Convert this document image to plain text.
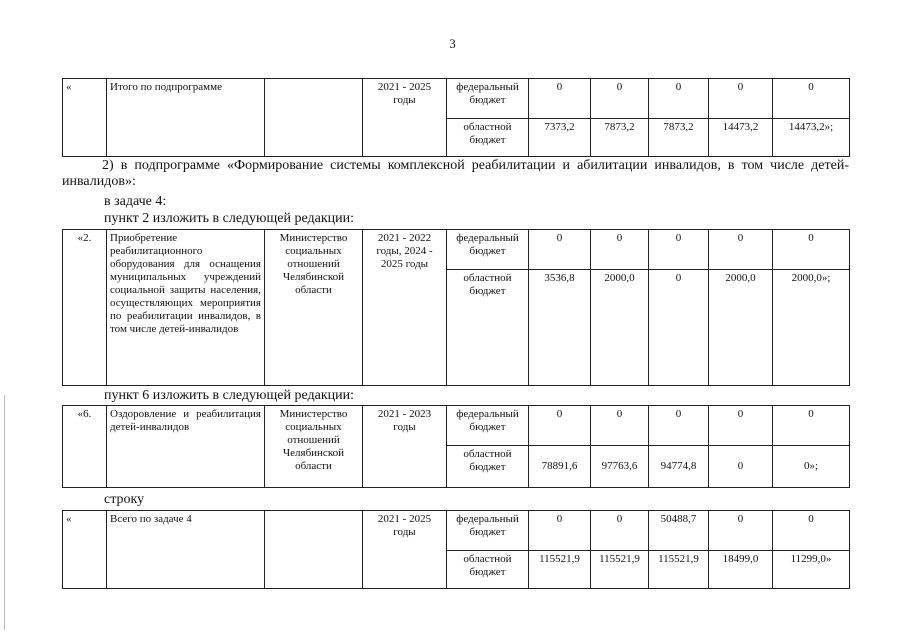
3
«	Итого по подпрограмме		2021 - 2025 годы	федеральный бюджет	0	0	0	0	0
				областной бюджет	7373,2	7873,2	7873,2	14473,2	14473,2»;
2) в подпрограмме «Формирование системы комплексной реабилитации и абилитации инвалидов, в том числе детей-инвалидов»:
в задаче 4:
пункт 2 изложить в следующей редакции:
«2.	Приобретение реабилитационного оборудования для оснащения муниципальных учреждений социальной защиты населения, осуществляющих мероприятия по реабилитации инвалидов, в том числе детей-инвалидов	Министерство социальных отношений Челябинской области	2021 - 2022 годы, 2024 - 2025 годы	федеральный бюджет	0	0	0	0	0
				областной бюджет	3536,8	2000,0	0	2000,0	2000,0»;
пункт 6 изложить в следующей редакции:
«6.	Оздоровление и реабилитация детей-инвалидов	Министерство социальных отношений Челябинской области	2021 - 2023 годы	федеральный бюджет	0	0	0	0	0
				областной бюджет	78891,6	97763,6	94774,8	0	0»;
строку
«	Всего по задаче 4		2021 - 2025 годы	федеральный бюджет	0	0	50488,7	0	0
				областной бюджет	115521,9	115521,9	115521,9	18499,0	11299,0»
